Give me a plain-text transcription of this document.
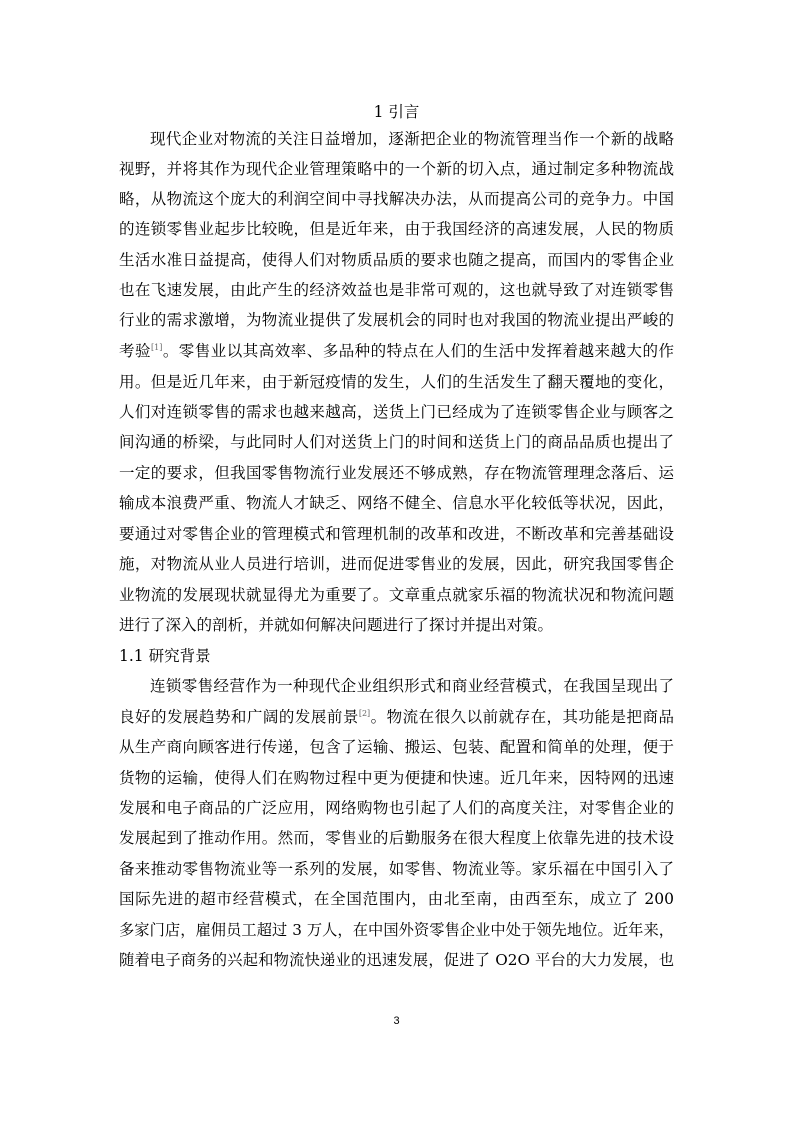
1 引言
现代企业对物流的关注日益增加，逐渐把企业的物流管理当作一个新的战略
视野，并将其作为现代企业管理策略中的一个新的切入点，通过制定多种物流战
略，从物流这个庞大的利润空间中寻找解决办法，从而提高公司的竞争力。中国
的连锁零售业起步比较晚，但是近年来，由于我国经济的高速发展，人民的物质
生活水准日益提高，使得人们对物质品质的要求也随之提高，而国内的零售企业
也在飞速发展，由此产生的经济效益也是非常可观的，这也就导致了对连锁零售
行业的需求激增，为物流业提供了发展机会的同时也对我国的物流业提出严峻的
考验[1]。零售业以其高效率、多品种的特点在人们的生活中发挥着越来越大的作
用。但是近几年来，由于新冠疫情的发生，人们的生活发生了翻天覆地的变化，
人们对连锁零售的需求也越来越高，送货上门已经成为了连锁零售企业与顾客之
间沟通的桥梁，与此同时人们对送货上门的时间和送货上门的商品品质也提出了
一定的要求，但我国零售物流行业发展还不够成熟，存在物流管理理念落后、运
输成本浪费严重、物流人才缺乏、网络不健全、信息水平化较低等状况，因此，
要通过对零售企业的管理模式和管理机制的改革和改进，不断改革和完善基础设
施，对物流从业人员进行培训，进而促进零售业的发展，因此，研究我国零售企
业物流的发展现状就显得尤为重要了。文章重点就家乐福的物流状况和物流问题
进行了深入的剖析，并就如何解决问题进行了探讨并提出对策。
1.1 研究背景
连锁零售经营作为一种现代企业组织形式和商业经营模式，在我国呈现出了
良好的发展趋势和广阔的发展前景[2]。物流在很久以前就存在，其功能是把商品
从生产商向顾客进行传递，包含了运输、搬运、包装、配置和简单的处理，便于
货物的运输，使得人们在购物过程中更为便捷和快速。近几年来，因特网的迅速
发展和电子商品的广泛应用，网络购物也引起了人们的高度关注，对零售企业的
发展起到了推动作用。然而，零售业的后勤服务在很大程度上依靠先进的技术设
备来推动零售物流业等一系列的发展，如零售、物流业等。家乐福在中国引入了
国际先进的超市经营模式，在全国范围内，由北至南，由西至东，成立了 200
多家门店，雇佣员工超过 3 万人，在中国外资零售企业中处于领先地位。近年来，
随着电子商务的兴起和物流快递业的迅速发展，促进了 O2O 平台的大力发展，也
3
